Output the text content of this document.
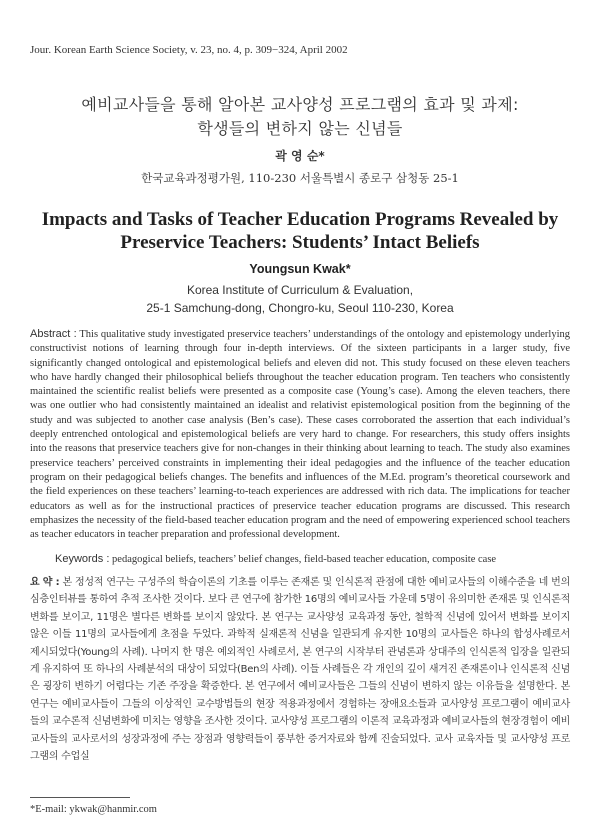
Jour. Korean Earth Science Society, v. 23, no. 4, p. 309−324, April 2002
예비교사들을 통해 알아본 교사양성 프로그램의 효과 및 과제:
학생들의 변하지 않는 신념들
곽 영 순*
한국교육과정평가원, 110-230 서울특별시 종로구 삼청동 25-1
Impacts and Tasks of Teacher Education Programs Revealed by
Preservice Teachers: Students’ Intact Beliefs
Youngsun Kwak*
Korea Institute of Curriculum & Evaluation,
25-1 Samchung-dong, Chongro-ku, Seoul 110-230, Korea

Abstract : This qualitative study investigated preservice teachers’ understandings of the ontology and epistemology underlying constructivist notions of learning through four in-depth interviews. Of the sixteen participants in a larger study, five significantly changed ontological and epistemological beliefs and eleven did not. This study focused on these eleven teachers who have hardly changed their philosophical beliefs throughout the teacher education program. Ten teachers who consistently maintained the scientific realist beliefs were presented as a composite case (Young’s case). Among the eleven teachers, there was one outlier who had consistently maintained an idealist and relativist epistemological position from the beginning of the study and was subjected to another case analysis (Ben’s case). These cases corroborated the assertion that each individual’s deeply entrenched ontological and epistemological beliefs are very hard to change. For researchers, this study offers insights into the reasons that preservice teachers give for non-changes in their thinking about learning to teach. The study also examines preservice teachers’ perceived constraints in implementing their ideal pedagogies and the influence of the teacher education program on their pedagogical beliefs changes. The benefits and influences of the M.Ed. program’s theoretical coursework and the field experiences on these teachers’ learning-to-teach experiences are addressed with rich data. The implications for teacher educators as well as for the instructional practices of preservice teacher education programs are discussed. This research emphasizes the necessity of the field-based teacher education program and the need of empowering experienced school teachers as teacher educators in teacher preparation and professional development.

Keywords : pedagogical beliefs, teachers’ belief changes, field-based teacher education, composite case

요 약 : 본 정성적 연구는 구성주의 학습이론의 기초를 이루는 존재론 및 인식론적 관점에 대한 예비교사들의 이해수준을 네 번의 심층인터뷰를 통하여 추적 조사한 것이다. 보다 큰 연구에 참가한 16명의 예비교사들 가운데 5명이 유의미한 존재론 및 인식론적 변화를 보이고, 11명은 별다른 변화를 보이지 않았다. 본 연구는 교사양성 교육과정 동안, 철학적 신념에 있어서 변화를 보이지 않은 이들 11명의 교사들에게 초점을 두었다. 과학적 실재론적 신념을 일관되게 유지한 10명의 교사들은 하나의 합성사례로서 제시되었다(Young의 사례). 나머지 한 명은 예외적인 사례로서, 본 연구의 시작부터 관념론과 상대주의 인식론적 입장을 일관되게 유지하여 또 하나의 사례분석의 대상이 되었다(Ben의 사례). 이들 사례들은 각 개인의 깊이 새겨진 존재론이나 인식론적 신념은 굉장히 변하기 어렵다는 기존 주장을 확증한다. 본 연구에서 예비교사들은 그들의 신념이 변하지 않는 이유들을 설명한다. 본 연구는 예비교사들이 그들의 이상적인 교수방법들의 현장 적용과정에서 경험하는 장애요소들과 교사양성 프로그램이 예비교사들의 교수론적 신념변화에 미치는 영향을 조사한 것이다. 교사양성 프로그램의 이론적 교육과정과 예비교사들의 현장경험이 예비교사들의 교사로서의 성장과정에 주는 장점과 영향력들이 풍부한 증거자료와 함께 진술되었다. 교사 교육자들 및 교사양성 프로그램의 수업실

*E-mail: ykwak@hanmir.com
